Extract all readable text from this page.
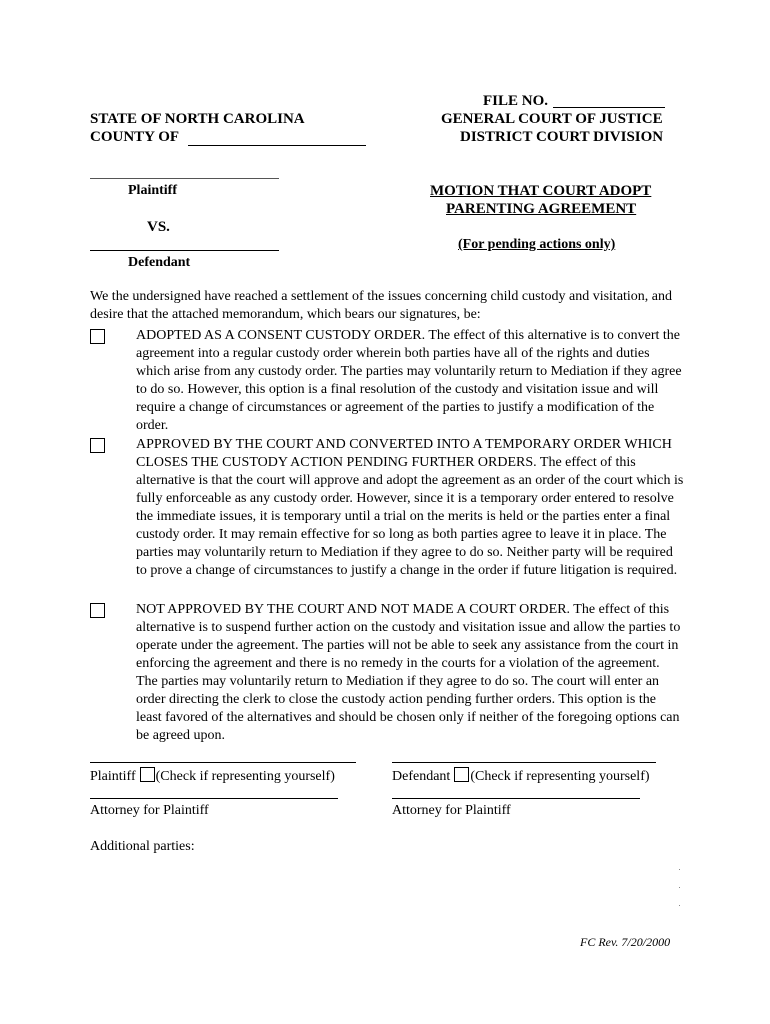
FILE NO.
GENERAL COURT OF JUSTICE
DISTRICT COURT DIVISION
STATE OF NORTH CAROLINA
COUNTY OF
Plaintiff
VS.
Defendant
MOTION THAT COURT ADOPT
PARENTING AGREEMENT
(For pending actions only)
We the undersigned have reached a settlement of the issues concerning child custody and visitation, and desire that the attached memorandum, which bears our signatures, be:
ADOPTED AS A CONSENT CUSTODY ORDER. The effect of this alternative is to convert the agreement into a regular custody order wherein both parties have all of the rights and duties which arise from any custody order. The parties may voluntarily return to Mediation if they agree to do so. However, this option is a final resolution of the custody and visitation issue and will require a change of circumstances or agreement of the parties to justify a modification of the order.
APPROVED BY THE COURT AND CONVERTED INTO A TEMPORARY ORDER WHICH CLOSES THE CUSTODY ACTION PENDING FURTHER ORDERS. The effect of this alternative is that the court will approve and adopt the agreement as an order of the court which is fully enforceable as any custody order. However, since it is a temporary order entered to resolve the immediate issues, it is temporary until a trial on the merits is held or the parties enter a final custody order. It may remain effective for so long as both parties agree to leave it in place. The parties may voluntarily return to Mediation if they agree to do so. Neither party will be required to prove a change of circumstances to justify a change in the order if future litigation is required.
NOT APPROVED BY THE COURT AND NOT MADE A COURT ORDER. The effect of this alternative is to suspend further action on the custody and visitation issue and allow the parties to operate under the agreement. The parties will not be able to seek any assistance from the court in enforcing the agreement and there is no remedy in the courts for a violation of the agreement. The parties may voluntarily return to Mediation if they agree to do so. The court will enter an order directing the clerk to close the custody action pending further orders. This option is the least favored of the alternatives and should be chosen only if neither of the foregoing options can be agreed upon.
Plaintiff (Check if representing yourself)	Defendant (Check if representing yourself)
Attorney for Plaintiff	Attorney for Plaintiff
Additional parties:
FC Rev. 7/20/2000
